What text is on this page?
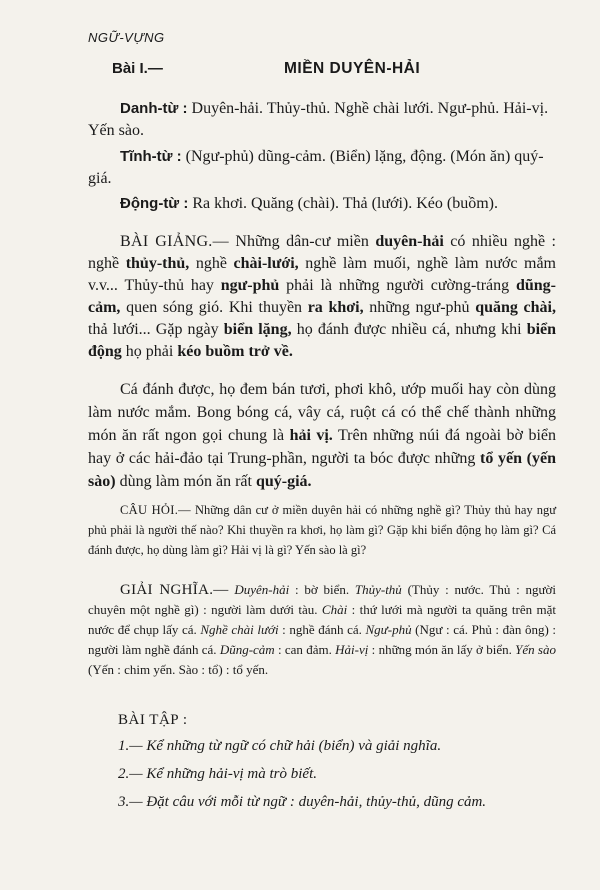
NGỮ-VỰNG
Bài I.—	MIỀN DUYÊN-HẢI

Danh-từ : Duyên-hải. Thủy-thủ. Nghề chài lưới. Ngư-phủ. Hải-vị. Yến sào.

Tĩnh-từ : (Ngư-phủ) dũng-cảm. (Biển) lặng, động. (Món ăn) quý-giá.

Động-từ : Ra khơi. Quăng (chài). Thả (lưới). Kéo (buồm).

BÀI GIẢNG.— Những dân-cư miền duyên-hải có nhiều nghề : nghề thủy-thủ, nghề chài-lưới, nghề làm muối, nghề làm nước mắm v.v... Thủy-thủ hay ngư-phủ phải là những người cường-tráng dũng-cảm, quen sóng gió. Khi thuyền ra khơi, những ngư-phủ quăng chài, thả lưới... Gặp ngày biển lặng, họ đánh được nhiều cá, nhưng khi biển động họ phải kéo buồm trở về.

Cá đánh được, họ đem bán tươi, phơi khô, ướp muối hay còn dùng làm nước mắm. Bong bóng cá, vây cá, ruột cá có thể chế thành những món ăn rất ngon gọi chung là hải vị. Trên những núi đá ngoài bờ biển hay ở các hải-đảo tại Trung-phần, người ta bóc được những tổ yến (yến sào) dùng làm món ăn rất quý-giá.

CÂU HỎI.— Những dân cư ở miền duyên hải có những nghề gì? Thủy thủ hay ngư phủ phải là người thế nào? Khi thuyền ra khơi, họ làm gì? Gặp khi biển động họ làm gì? Cá đánh được, họ dùng làm gì? Hải vị là gì? Yến sào là gì?

GIẢI NGHĨA.— Duyên-hải : bờ biển. Thủy-thủ (Thủy : nước. Thủ : người chuyên một nghề gì) : người làm dưới tàu. Chài : thứ lưới mà người ta quăng trên mặt nước để chụp lấy cá. Nghề chài lưới : nghề đánh cá. Ngư-phủ (Ngư : cá. Phủ : đàn ông) : người làm nghề đánh cá. Dũng-cảm : can đảm. Hải-vị : những món ăn lấy ở biển. Yến sào (Yến : chim yến. Sào : tổ) : tổ yến.

BÀI TẬP :
1.— Kể những từ ngữ có chữ hải (biển) và giải nghĩa.
2.— Kể những hải-vị mà trò biết.
3.— Đặt câu với mỗi từ ngữ : duyên-hải, thủy-thủ, dũng cảm.
